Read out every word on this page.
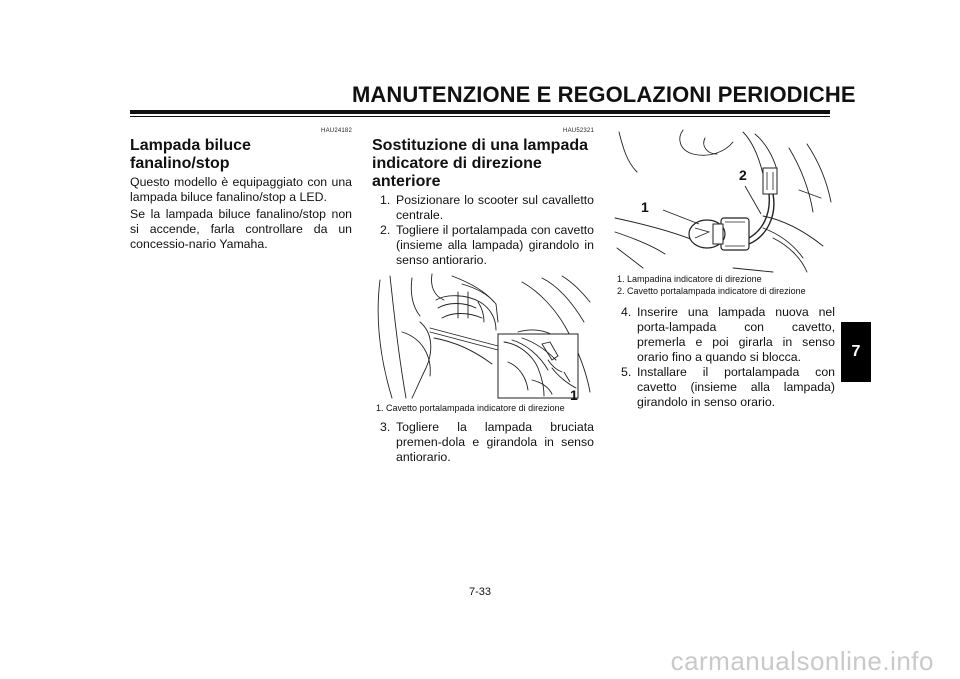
MANUTENZIONE E REGOLAZIONI PERIODICHE
HAU24182
Lampada biluce fanalino/stop

Questo modello è equipaggiato con una lampada biluce fanalino/stop a LED.

Se la lampada biluce fanalino/stop non si accende, farla controllare da un concessio-nario Yamaha.

HAU52321
Sostituzione di una lampada indicatore di direzione anteriore
1. Posizionare lo scooter sul cavalletto centrale.
2. Togliere il portalampada con cavetto (insieme alla lampada) girandolo in senso antiorario.
1
1. Cavetto portalampada indicatore di direzione
3. Togliere la lampada bruciata premen-dola e girandola in senso antiorario.
1
2
1. Lampadina indicatore di direzione
2. Cavetto portalampada indicatore di direzione
4. Inserire una lampada nuova nel porta-lampada con cavetto, premerla e poi girarla in senso orario fino a quando si blocca.
5. Installare il portalampada con cavetto (insieme alla lampada) girandolo in senso orario.
7
7-33
carmanualsonline.info
